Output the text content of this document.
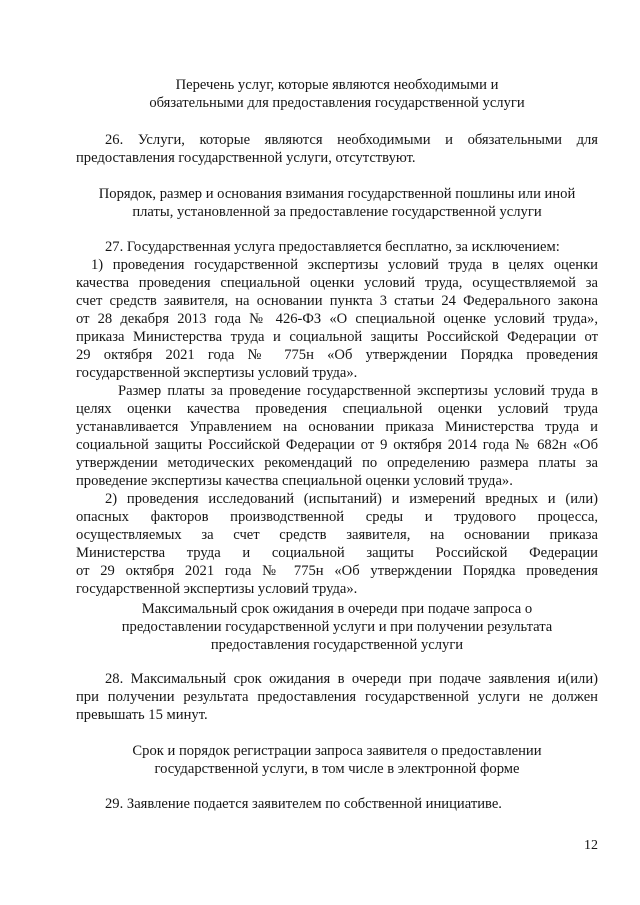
Перечень услуг, которые являются необходимыми и
обязательными для предоставления государственной услуги
26. Услуги, которые являются необходимыми и обязательными для
предоставления государственной услуги, отсутствуют.
Порядок, размер и основания взимания государственной пошлины или иной
платы, установленной за предоставление государственной услуги
27. Государственная услуга предоставляется бесплатно, за исключением:
1) проведения государственной экспертизы условий труда в целях оценки
качества проведения специальной оценки условий труда, осуществляемой за
счет средств заявителя, на основании пункта 3 статьи 24 Федерального закона
от 28 декабря 2013 года № 426-ФЗ «О специальной оценке условий труда»,
приказа Министерства труда и социальной защиты Российской Федерации от
29 октября 2021 года № 775н «Об утверждении Порядка проведения
государственной экспертизы условий труда».
Размер платы за проведение государственной экспертизы условий труда в
целях оценки качества проведения специальной оценки условий труда
устанавливается Управлением на основании приказа Министерства труда и
социальной защиты Российской Федерации от 9 октября 2014 года № 682н «Об
утверждении методических рекомендаций по определению размера платы за
проведение экспертизы качества специальной оценки условий труда».
2) проведения исследований (испытаний) и измерений вредных и (или)
опасных факторов производственной среды и трудового процесса,
осуществляемых за счет средств заявителя, на основании приказа
Министерства труда и социальной защиты Российской Федерации
от 29 октября 2021 года № 775н «Об утверждении Порядка проведения
государственной экспертизы условий труда».
Максимальный срок ожидания в очереди при подаче запроса о
предоставлении государственной услуги и при получении результата
предоставления государственной услуги
28. Максимальный срок ожидания в очереди при подаче заявления и(или)
при получении результата предоставления государственной услуги не должен
превышать 15 минут.
Срок и порядок регистрации запроса заявителя о предоставлении
государственной услуги, в том числе в электронной форме
29. Заявление подается заявителем по собственной инициативе.
12
